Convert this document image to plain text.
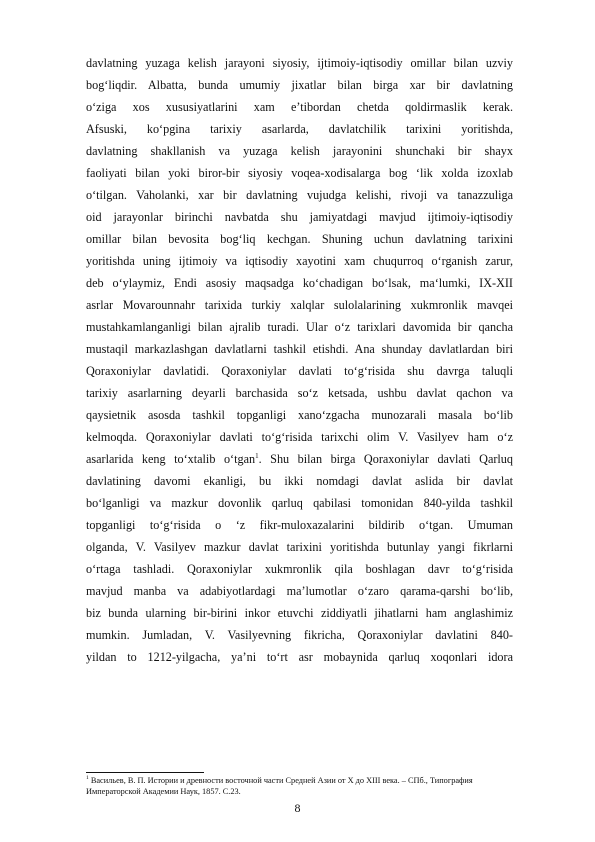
davlatning yuzaga kelish jarayoni siyosiy, ijtimoiy-iqtisodiy omillar bilan uzviy
bog‘liqdir. Albatta, bunda umumiy jixatlar bilan birga xar bir davlatning
o‘ziga xos xususiyatlarini xam e’tibordan chetda qoldirmaslik kerak.
Afsuski, ko‘pgina tarixiy asarlarda, davlatchilik tarixini yoritishda,
davlatning shakllanish va yuzaga kelish jarayonini shunchaki bir shayx
faoliyati bilan yoki biror-bir siyosiy voqea-xodisalarga bog ‘lik xolda izoxlab
o‘tilgan. Vaholanki, xar bir davlatning vujudga kelishi, rivoji va tanazzuliga
oid jarayonlar birinchi navbatda shu jamiyatdagi mavjud ijtimoiy-iqtisodiy
omillar bilan bevosita bog‘liq kechgan. Shuning uchun davlatning tarixini
yoritishda uning ijtimoiy va iqtisodiy xayotini xam chuqurroq o‘rganish zarur,
deb o‘ylaymiz, Endi asosiy maqsadga ko‘chadigan bo‘lsak, ma‘lumki, IX-XII
asrlar Movarounnahr tarixida turkiy xalqlar sulolalarining xukmronlik mavqei
mustahkamlanganligi bilan ajralib turadi. Ular o‘z tarixlari davomida bir qancha
mustaqil markazlashgan davlatlarni tashkil etishdi. Ana shunday davlatlardan biri
Qoraxoniylar davlatidi. Qoraxoniylar davlati to‘g‘risida shu davrga taluqli
tarixiy asarlarning deyarli barchasida so‘z ketsada, ushbu davlat qachon va
qaysietnik asosda tashkil topganligi xano‘zgacha munozarali masala bo‘lib
kelmoqda. Qoraxoniylar davlati to‘g‘risida tarixchi olim V. Vasilyev ham o‘z
asarlarida keng to‘xtalib o‘tgan$^1$. Shu bilan birga Qoraxoniylar davlati Qarluq
davlatining davomi ekanligi, bu ikki nomdagi davlat aslida bir davlat
bo‘lganligi va mazkur dovonlik qarluq qabilasi tomonidan 840-yilda tashkil
topganligi to‘g‘risida o ‘z fikr-muloxazalarini bildirib o‘tgan. Umuman
olganda, V. Vasilyev mazkur davlat tarixini yoritishda butunlay yangi fikrlarni
o‘rtaga tashladi. Qoraxoniylar xukmronlik qila boshlagan davr to‘g‘risida
mavjud manba va adabiyotlardagi ma’lumotlar o‘zaro qarama-qarshi bo‘lib,
biz bunda ularning bir-birini inkor etuvchi ziddiyatli jihatlarni ham anglashimiz
mumkin. Jumladan, V. Vasilyevning fikricha, Qoraxoniylar davlatini 840-
yildan to 1212-yilgacha, ya’ni to‘rt asr mobaynida qarluq xoqonlari idora
$^1$ Васильев, В. П. Истории и древности восточной части Средней Азии от X до XIII века. – СПб., Типография Императорской Академии Наук, 1857. С.23.
8
